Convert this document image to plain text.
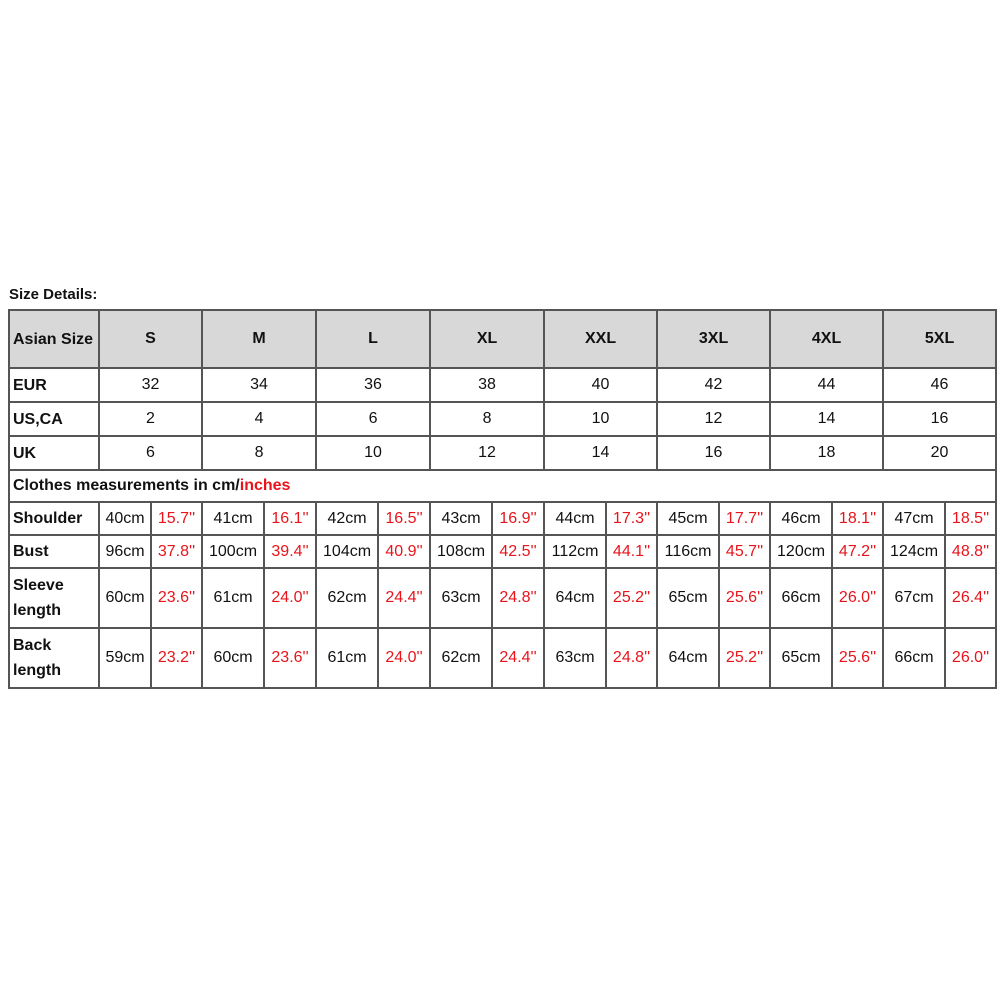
Size Details:
Asian Size	S		M		L		XL		XXL		3XL		4XL		5XL	
EUR	32		34		36		38		40		42		44		46	
US,CA	2		4		6		8		10		12		14		16	
UK	6		8		10		12		14		16		18		20	
Clothes measurements in cm/inches																
Shoulder	40cm	15.7''	41cm	16.1''	42cm	16.5''	43cm	16.9''	44cm	17.3''	45cm	17.7''	46cm	18.1''	47cm	18.5''
Bust	96cm	37.8''	100cm	39.4''	104cm	40.9''	108cm	42.5''	112cm	44.1''	116cm	45.7''	120cm	47.2''	124cm	48.8''
Sleeve length	60cm	23.6''	61cm	24.0''	62cm	24.4''	63cm	24.8''	64cm	25.2''	65cm	25.6''	66cm	26.0''	67cm	26.4''
Back length	59cm	23.2''	60cm	23.6''	61cm	24.0''	62cm	24.4''	63cm	24.8''	64cm	25.2''	65cm	25.6''	66cm	26.0''
